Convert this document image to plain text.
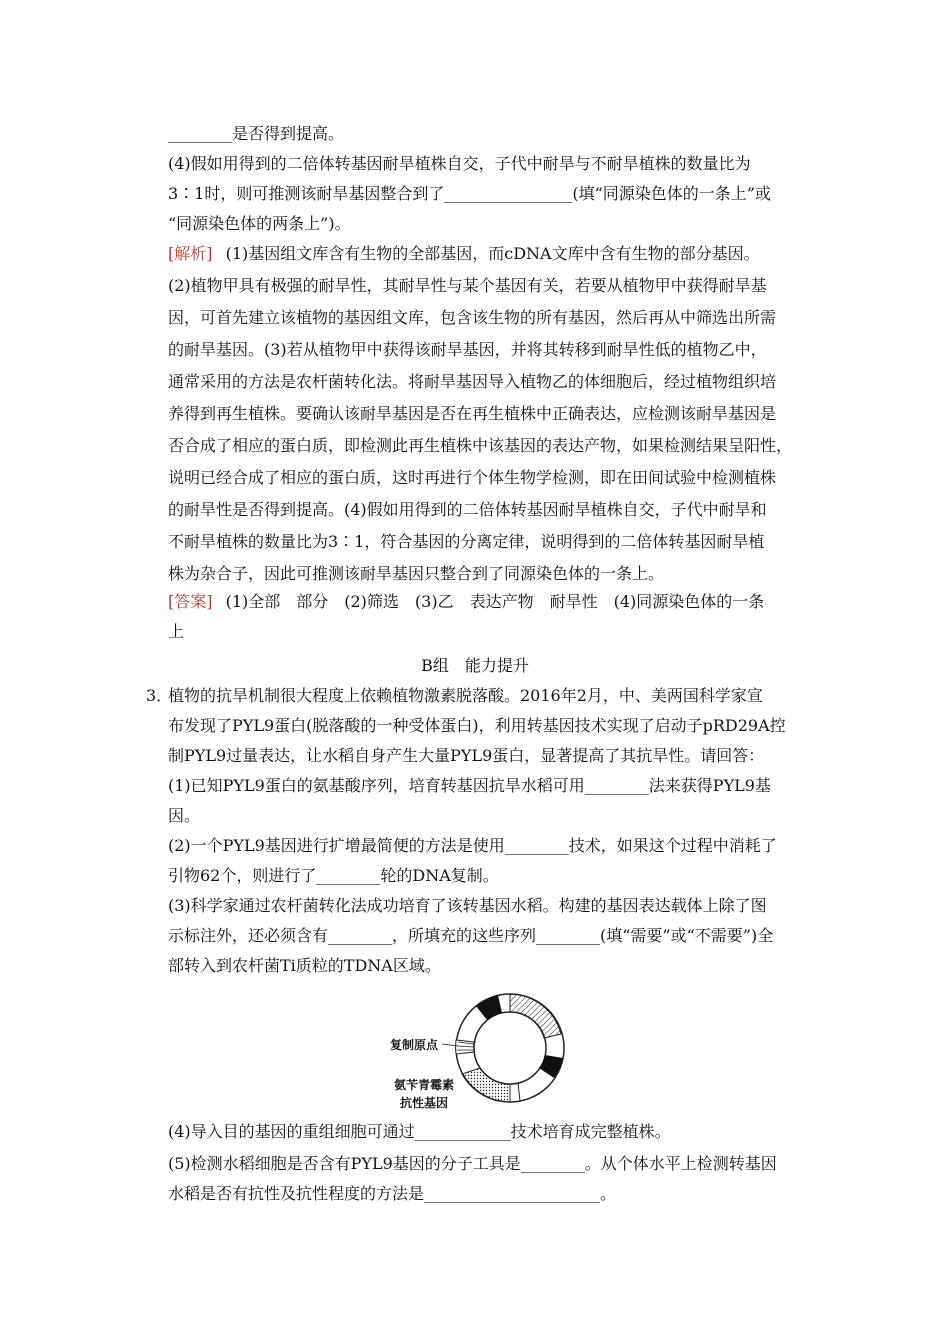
________是否得到提高。
(4)假如用得到的二倍体转基因耐旱植株自交，子代中耐旱与不耐旱植株的数量比为
3∶1时，则可推测该耐旱基因整合到了________________(填“同源染色体的一条上”或
“同源染色体的两条上”)。
[解析] (1)基因组文库含有生物的全部基因，而cDNA文库中含有生物的部分基因。
(2)植物甲具有极强的耐旱性，其耐旱性与某个基因有关，若要从植物甲中获得耐旱基
因，可首先建立该植物的基因组文库，包含该生物的所有基因，然后再从中筛选出所需
的耐旱基因。(3)若从植物甲中获得该耐旱基因，并将其转移到耐旱性低的植物乙中，
通常采用的方法是农杆菌转化法。将耐旱基因导入植物乙的体细胞后，经过植物组织培
养得到再生植株。要确认该耐旱基因是否在再生植株中正确表达，应检测该耐旱基因是
否合成了相应的蛋白质，即检测此再生植株中该基因的表达产物，如果检测结果呈阳性，
说明已经合成了相应的蛋白质，这时再进行个体生物学检测，即在田间试验中检测植株
的耐旱性是否得到提高。(4)假如用得到的二倍体转基因耐旱植株自交，子代中耐旱和
不耐旱植株的数量比为3∶1，符合基因的分离定律，说明得到的二倍体转基因耐旱植
株为杂合子，因此可推测该耐旱基因只整合到了同源染色体的一条上。
[答案] (1)全部　部分　(2)筛选　(3)乙　表达产物　耐旱性　(4)同源染色体的一条
上
B组　能力提升
3．
植物的抗旱机制很大程度上依赖植物激素脱落酸。2016年2月，中、美两国科学家宣
布发现了PYL9蛋白(脱落酸的一种受体蛋白)，利用转基因技术实现了启动子pRD29A控
制PYL9过量表达，让水稻自身产生大量PYL9蛋白，显著提高了其抗旱性。请回答：
(1)已知PYL9蛋白的氨基酸序列，培育转基因抗旱水稻可用________法来获得PYL9基
因。
(2)一个PYL9基因进行扩增最简便的方法是使用________技术，如果这个过程中消耗了
引物62个，则进行了________轮的DNA复制。
(3)科学家通过农杆菌转化法成功培育了该转基因水稻。构建的基因表达载体上除了图
示标注外，还必须含有________，所填充的这些序列________(填“需要”或“不需要”)全
部转入到农杆菌Ti质粒的TDNA区域。
复制原点
氨苄青霉素
抗性基因
(4)导入目的基因的重组细胞可通过____________技术培育成完整植株。
(5)检测水稻细胞是否含有PYL9基因的分子工具是________。从个体水平上检测转基因
水稻是否有抗性及抗性程度的方法是______________________。
